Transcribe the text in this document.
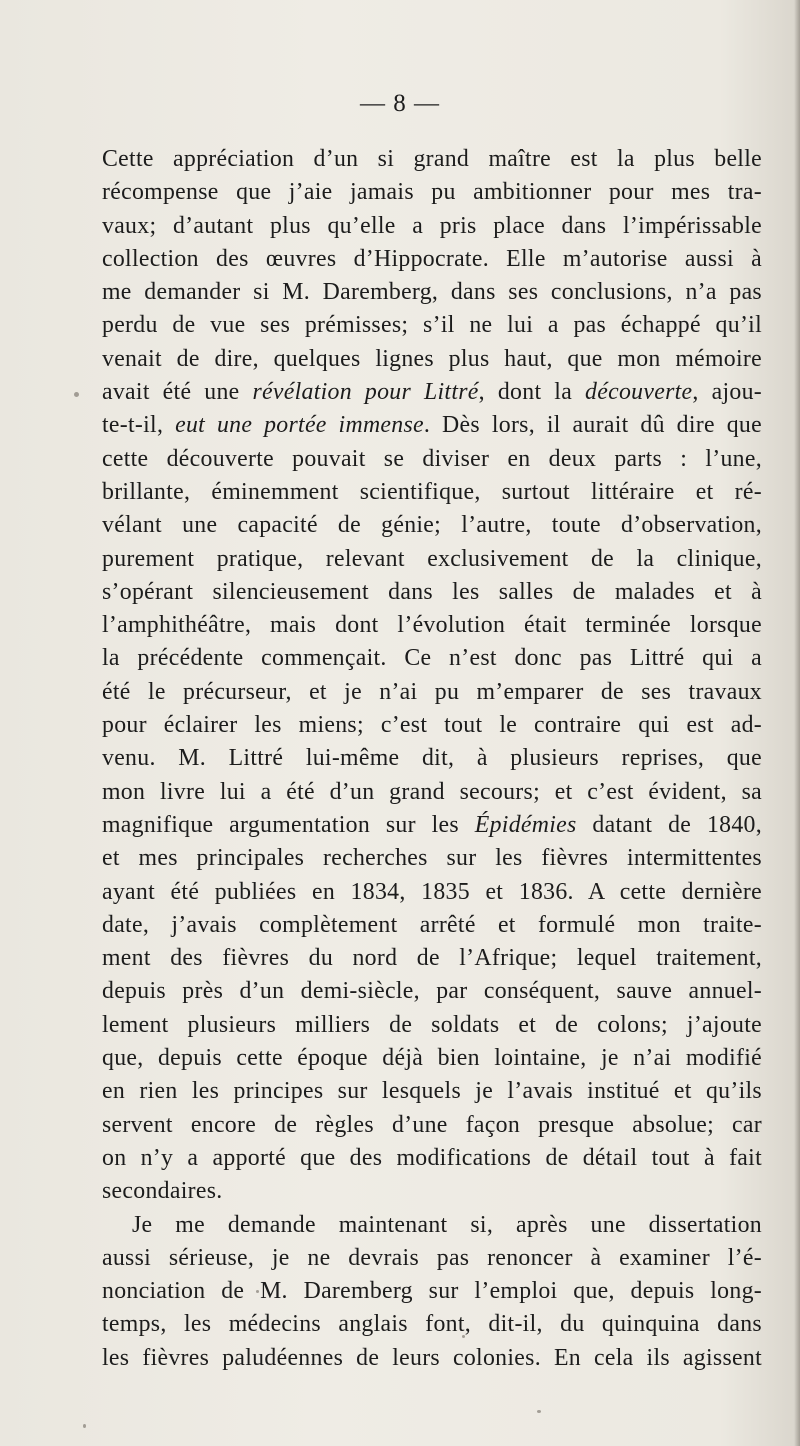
— 8 —
Cette appréciation d’un si grand maître est la plus belle
récompense que j’aie jamais pu ambitionner pour mes tra-
vaux; d’autant plus qu’elle a pris place dans l’impérissable
collection des œuvres d’Hippocrate. Elle m’autorise aussi à
me demander si M. Daremberg, dans ses conclusions, n’a pas
perdu de vue ses prémisses; s’il ne lui a pas échappé qu’il
venait de dire, quelques lignes plus haut, que mon mémoire
avait été une révélation pour Littré, dont la découverte, ajou-
te-t-il, eut une portée immense. Dès lors, il aurait dû dire que
cette découverte pouvait se diviser en deux parts : l’une,
brillante, éminemment scientifique, surtout littéraire et ré-
vélant une capacité de génie; l’autre, toute d’observation,
purement pratique, relevant exclusivement de la clinique,
s’opérant silencieusement dans les salles de malades et à
l’amphithéâtre, mais dont l’évolution était terminée lorsque
la précédente commençait. Ce n’est donc pas Littré qui a
été le précurseur, et je n’ai pu m’emparer de ses travaux
pour éclairer les miens; c’est tout le contraire qui est ad-
venu. M. Littré lui-même dit, à plusieurs reprises, que
mon livre lui a été d’un grand secours; et c’est évident, sa
magnifique argumentation sur les Épidémies datant de 1840,
et mes principales recherches sur les fièvres intermittentes
ayant été publiées en 1834, 1835 et 1836. A cette dernière
date, j’avais complètement arrêté et formulé mon traite-
ment des fièvres du nord de l’Afrique; lequel traitement,
depuis près d’un demi-siècle, par conséquent, sauve annuel-
lement plusieurs milliers de soldats et de colons; j’ajoute
que, depuis cette époque déjà bien lointaine, je n’ai modifié
en rien les principes sur lesquels je l’avais institué et qu’ils
servent encore de règles d’une façon presque absolue; car
on n’y a apporté que des modifications de détail tout à fait
secondaires.
Je me demande maintenant si, après une dissertation
aussi sérieuse, je ne devrais pas renoncer à examiner l’é-
nonciation de M. Daremberg sur l’emploi que, depuis long-
temps, les médecins anglais font, dit-il, du quinquina dans
les fièvres paludéennes de leurs colonies. En cela ils agissent
